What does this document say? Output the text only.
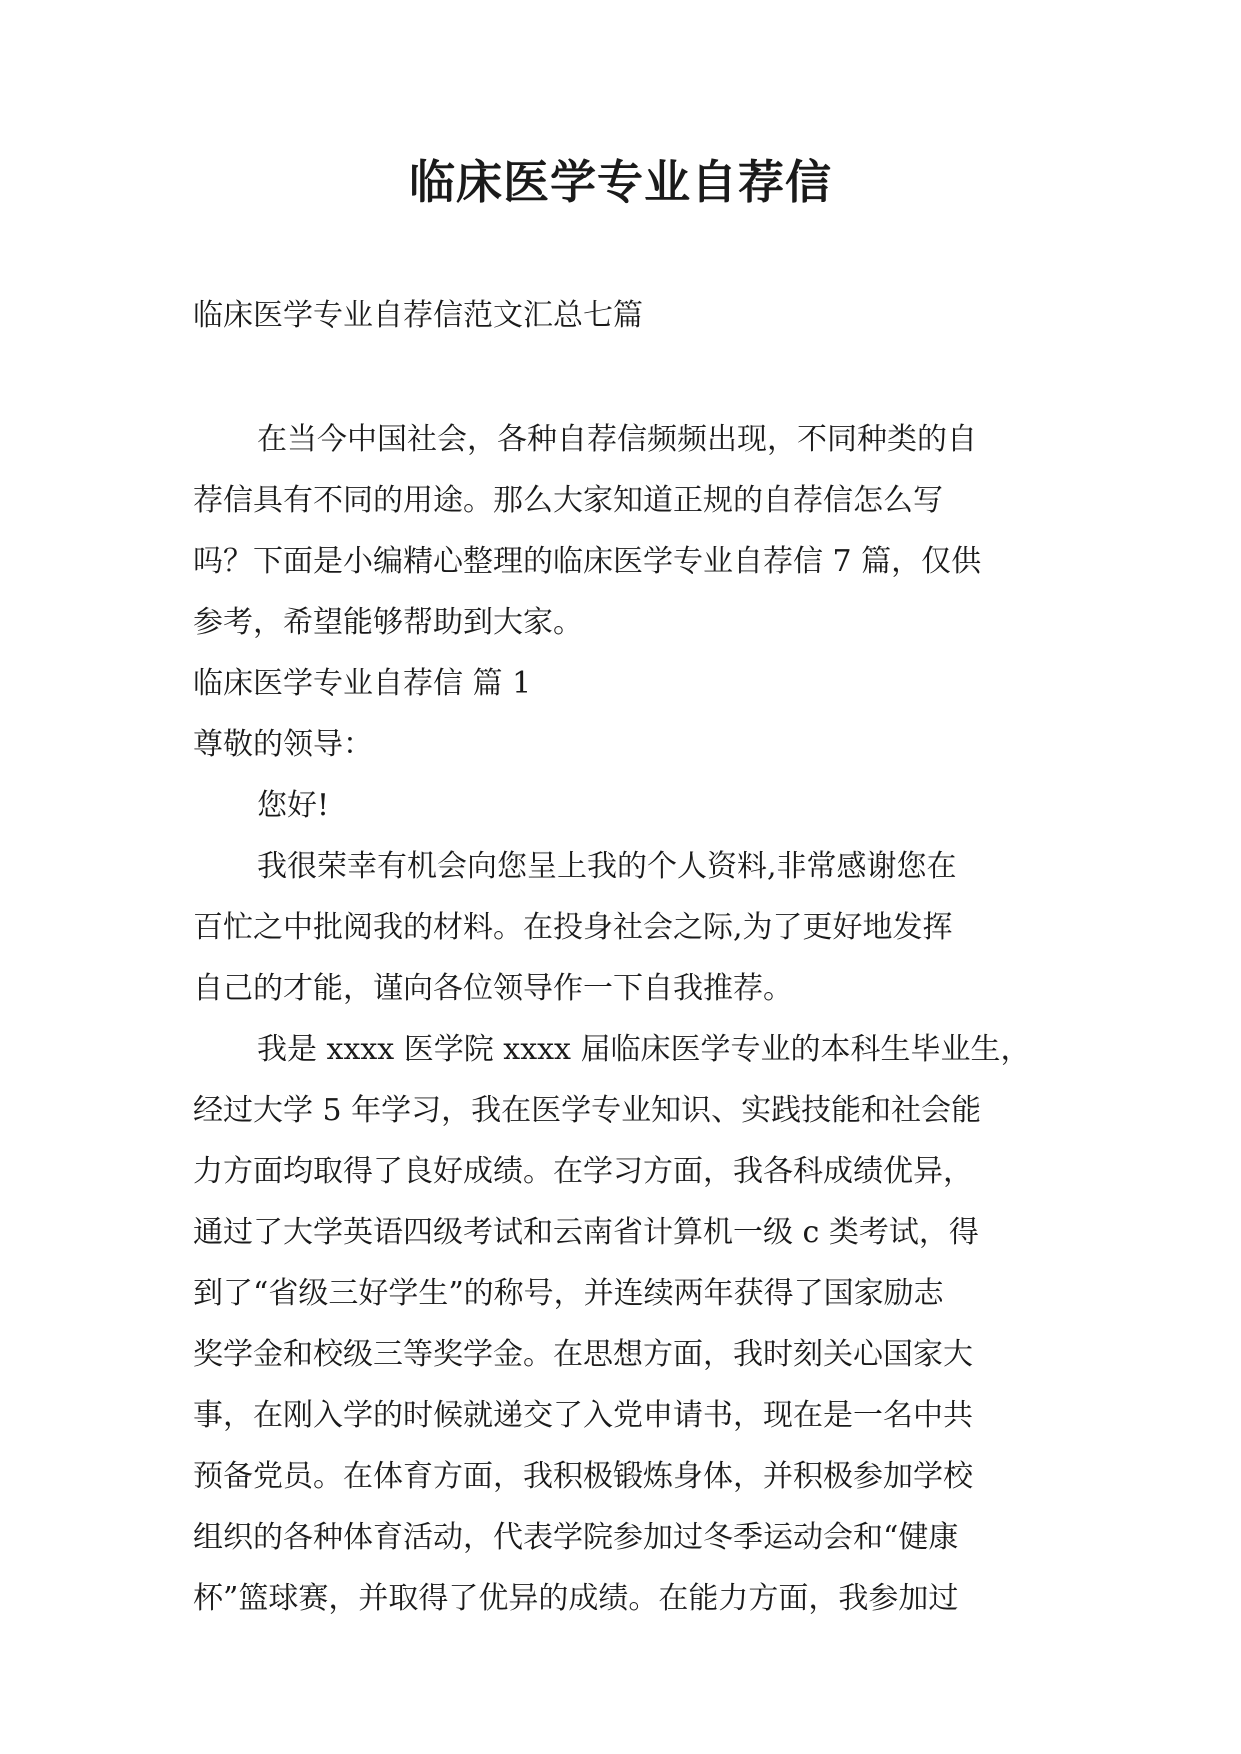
临床医学专业自荐信
临床医学专业自荐信范文汇总七篇

在当今中国社会，各种自荐信频频出现，不同种类的自

荐信具有不同的用途。那么大家知道正规的自荐信怎么写

吗？下面是小编精心整理的临床医学专业自荐信 7 篇，仅供

参考，希望能够帮助到大家。

临床医学专业自荐信 篇 1

尊敬的领导：

您好!

我很荣幸有机会向您呈上我的个人资料,非常感谢您在

百忙之中批阅我的材料。在投身社会之际,为了更好地发挥

自己的才能，谨向各位领导作一下自我推荐。

我是 xxxx 医学院 xxxx 届临床医学专业的本科生毕业生，

经过大学 5 年学习，我在医学专业知识、实践技能和社会能

力方面均取得了良好成绩。在学习方面，我各科成绩优异，

通过了大学英语四级考试和云南省计算机一级 c 类考试，得

到了“省级三好学生”的称号，并连续两年获得了国家励志

奖学金和校级三等奖学金。在思想方面，我时刻关心国家大

事，在刚入学的时候就递交了入党申请书，现在是一名中共

预备党员。在体育方面，我积极锻炼身体，并积极参加学校

组织的各种体育活动，代表学院参加过冬季运动会和“健康

杯”篮球赛，并取得了优异的成绩。在能力方面，我参加过
